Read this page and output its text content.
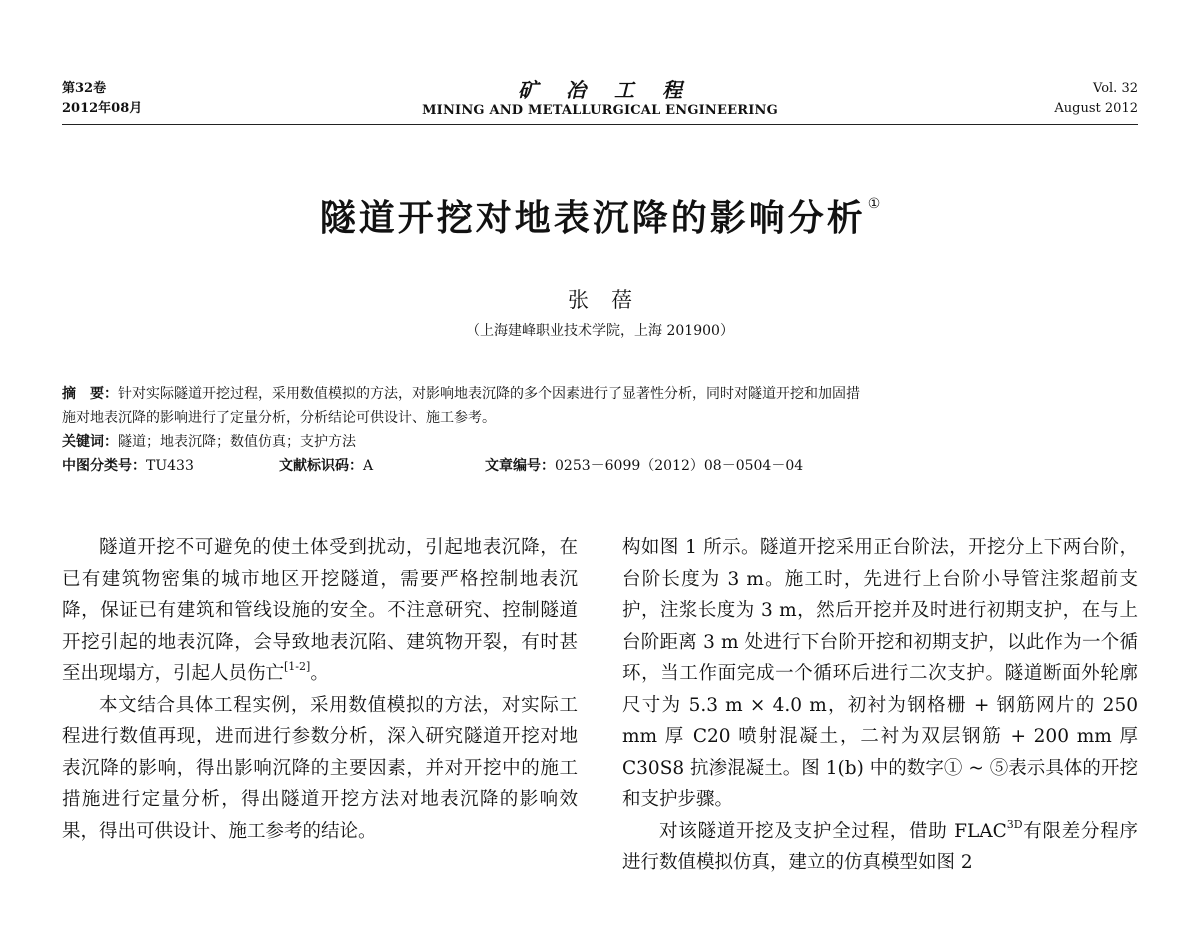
第32卷
2012年08月
矿冶工程
MINING AND METALLURGICAL ENGINEERING
Vol. 32
August 2012
隧道开挖对地表沉降的影响分析 ①
张蓓
（上海建峰职业技术学院，上海 201900）
摘　要：针对实际隧道开挖过程，采用数值模拟的方法，对影响地表沉降的多个因素进行了显著性分析，同时对隧道开挖和加固措
施对地表沉降的影响进行了定量分析，分析结论可供设计、施工参考。
关键词：隧道；地表沉降；数值仿真；支护方法
中图分类号：TU433	文献标识码：A	文章编号：0253－6099（2012）08－0504－04

隧道开挖不可避免的使土体受到扰动，引起地表沉降，在已有建筑物密集的城市地区开挖隧道，需要严格控制地表沉降，保证已有建筑和管线设施的安全。不注意研究、控制隧道开挖引起的地表沉降，会导致地表沉陷、建筑物开裂，有时甚至出现塌方，引起人员伤亡[1-2]。

本文结合具体工程实例，采用数值模拟的方法，对实际工程进行数值再现，进而进行参数分析，深入研究隧道开挖对地表沉降的影响，得出影响沉降的主要因素，并对开挖中的施工措施进行定量分析，得出隧道开挖方法对地表沉降的影响效果，得出可供设计、施工参考的结论。

构如图 1 所示。隧道开挖采用正台阶法，开挖分上下两台阶，台阶长度为 3 m。施工时，先进行上台阶小导管注浆超前支护，注浆长度为 3 m，然后开挖并及时进行初期支护，在与上台阶距离 3 m 处进行下台阶开挖和初期支护，以此作为一个循环，当工作面完成一个循环后进行二次支护。隧道断面外轮廓尺寸为 5.3 m × 4.0 m，初衬为钢格栅 + 钢筋网片的 250 mm 厚 C20 喷射混凝土，二衬为双层钢筋 + 200 mm 厚 C30S8 抗渗混凝土。图 1(b) 中的数字① ~ ⑤表示具体的开挖和支护步骤。

对该隧道开挖及支护全过程，借助 $FLAC^{3D}$有限差分程序进行数值模拟仿真，建立的仿真模型如图 2
